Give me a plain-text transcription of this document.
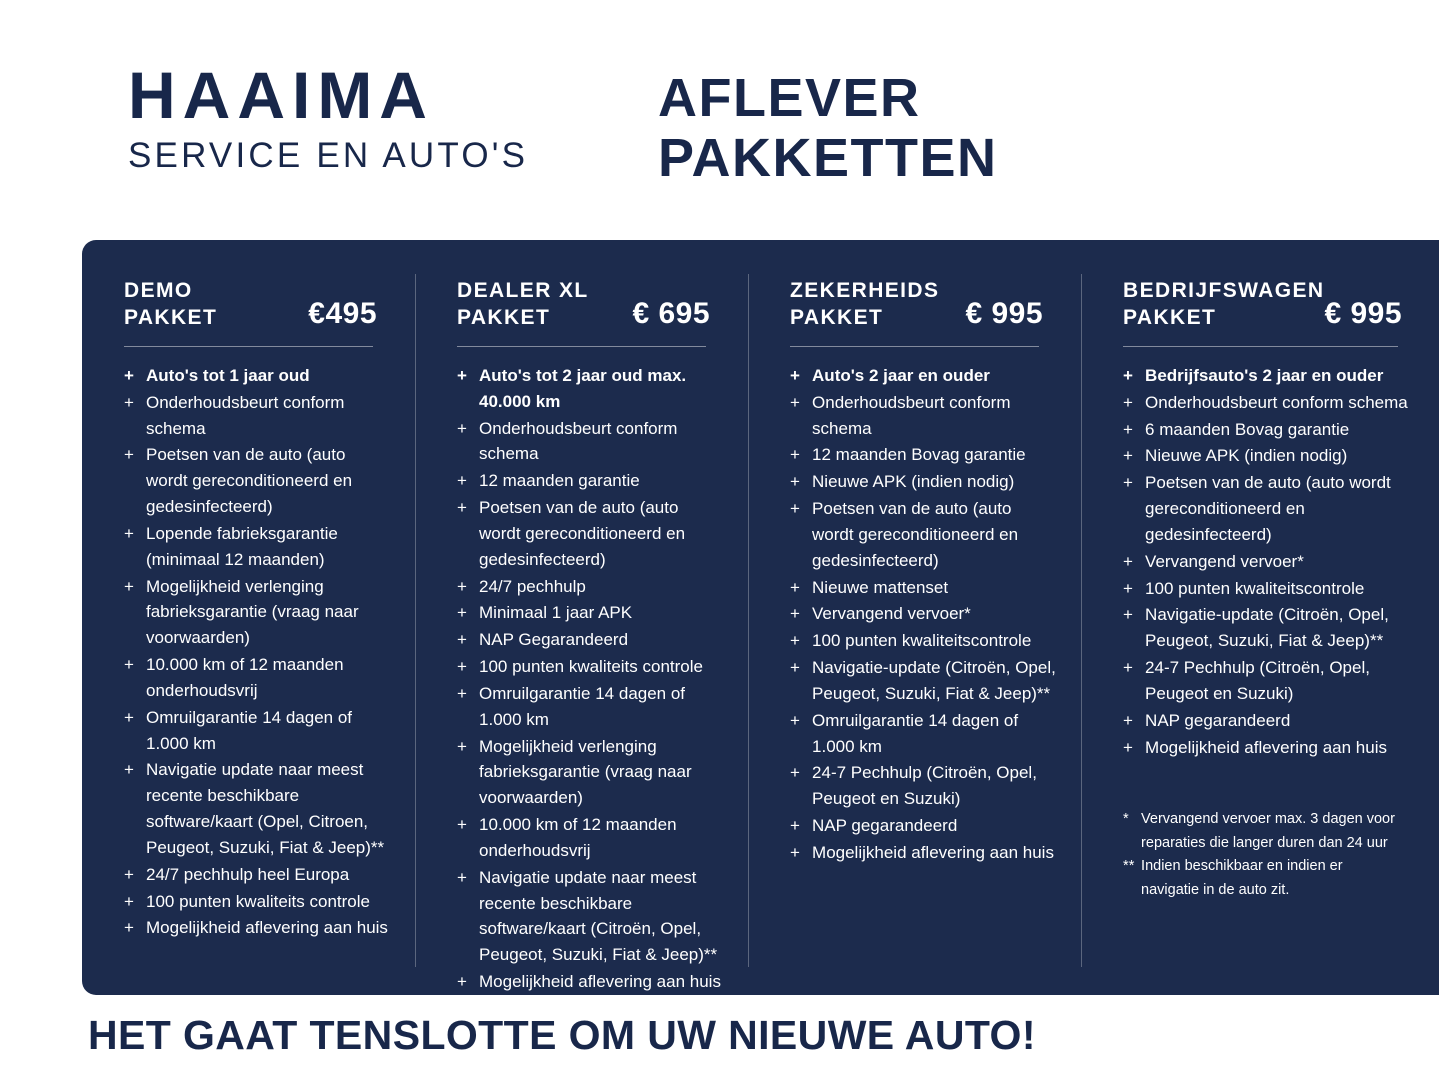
HAAIMA
SERVICE EN AUTO'S
AFLEVER
PAKKETTEN
DEMO
PAKKET	€495
+ Auto's tot 1 jaar oud
+ Onderhoudsbeurt conform schema
+ Poetsen van de auto (auto wordt gereconditioneerd en gedesinfecteerd)
+ Lopende fabrieksgarantie (minimaal 12 maanden)
+ Mogelijkheid verlenging fabrieksgarantie (vraag naar voorwaarden)
+ 10.000 km of 12 maanden onderhoudsvrij
+ Omruilgarantie 14 dagen of 1.000 km
+ Navigatie update naar meest recente beschikbare software/kaart (Opel, Citroen, Peugeot, Suzuki, Fiat & Jeep)**
+ 24/7 pechhulp heel Europa
+ 100 punten kwaliteits controle
+ Mogelijkheid aflevering aan huis
DEALER XL
PAKKET	€ 695
+ Auto's tot 2 jaar oud max. 40.000 km
+ Onderhoudsbeurt conform schema
+ 12 maanden garantie
+ Poetsen van de auto (auto wordt gereconditioneerd en gedesinfecteerd)
+ 24/7 pechhulp
+ Minimaal 1 jaar APK
+ NAP Gegarandeerd
+ 100 punten kwaliteits controle
+ Omruilgarantie 14 dagen of 1.000 km
+ Mogelijkheid verlenging fabrieksgarantie (vraag naar voorwaarden)
+ 10.000 km of 12 maanden onderhoudsvrij
+ Navigatie update naar meest recente beschikbare software/kaart (Citroën, Opel, Peugeot, Suzuki, Fiat & Jeep)**
+ Mogelijkheid aflevering aan huis
ZEKERHEIDS
PAKKET	€ 995
+ Auto's 2 jaar en ouder
+ Onderhoudsbeurt conform schema
+ 12 maanden Bovag garantie
+ Nieuwe APK (indien nodig)
+ Poetsen van de auto (auto wordt gereconditioneerd en gedesinfecteerd)
+ Nieuwe mattenset
+ Vervangend vervoer*
+ 100 punten kwaliteitscontrole
+ Navigatie-update (Citroën, Opel, Peugeot, Suzuki, Fiat & Jeep)**
+ Omruilgarantie 14 dagen of 1.000 km
+ 24-7 Pechhulp (Citroën, Opel, Peugeot en Suzuki)
+ NAP gegarandeerd
+ Mogelijkheid aflevering aan huis
BEDRIJFSWAGEN
PAKKET	€ 995
+ Bedrijfsauto's 2 jaar en ouder
+ Onderhoudsbeurt conform schema
+ 6 maanden Bovag garantie
+ Nieuwe APK (indien nodig)
+ Poetsen van de auto (auto wordt gereconditioneerd en gedesinfecteerd)
+ Vervangend vervoer*
+ 100 punten kwaliteitscontrole
+ Navigatie-update (Citroën, Opel, Peugeot, Suzuki, Fiat & Jeep)**
+ 24-7 Pechhulp (Citroën, Opel, Peugeot en Suzuki)
+ NAP gegarandeerd
+ Mogelijkheid aflevering aan huis
* Vervangend vervoer max. 3 dagen voor reparaties die langer duren dan 24 uur
** Indien beschikbaar en indien er navigatie in de auto zit.
HET GAAT TENSLOTTE OM UW NIEUWE AUTO!
